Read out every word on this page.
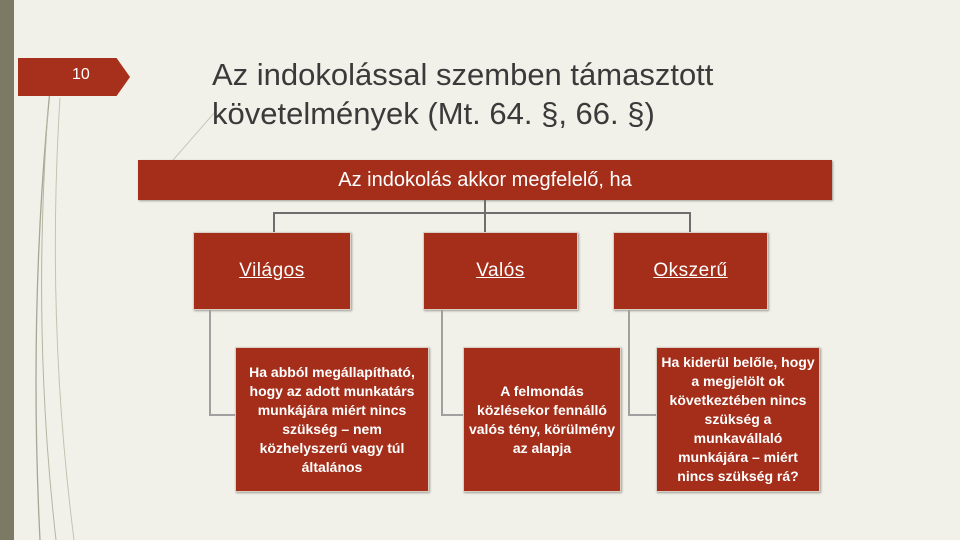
10	Az indokolással szemben támasztott követelmények (Mt. 64. §, 66. §)
Az indokolás akkor megfelelő, ha
Világos	Valós	Okszerű
Ha abból megállapítható, hogy az adott munkatárs munkájára miért nincs szükség – nem közhelyszerű vagy túl általános
A felmondás közlésekor fennálló valós tény, körülmény az alapja
Ha kiderül belőle, hogy a megjelölt ok következtében nincs szükség a munkavállaló munkájára – miért nincs szükség rá?
